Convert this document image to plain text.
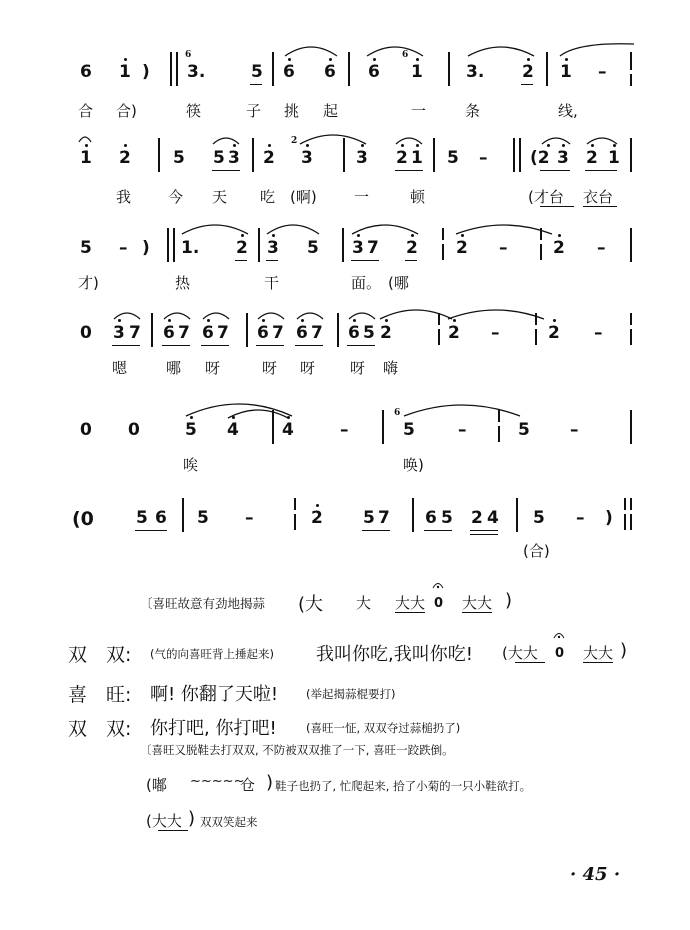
6 1 )
6
3.	5 6 6 6
6
1	3. 2 1 –
合 合)	筷	子 挑 起	一	条	线,
1 2 5 5 3 2
2
3	3 2 1 5 –	(2 3 2 1
我 今 天 吃 (啊) 一	顿	(才台 衣台
5 – ) 1. 2 3 5 3 7 2 2 –	2 –
才)	热	干	面。 (哪
0 3 7 6 7 6 7 6 7 6 7 6 5 2	2 –	2 –
嗯	哪 呀	呀 呀 呀 嗨
0 0	5 4	4	–
6
5	–	5 –
唉	唤)
(0 5 6 5 –	2 5 7 6 5 2 4 5 – )
(合)
〔喜旺故意有劲地揭蒜 (大 大 大大 0 大大 )
双　双: (气的向喜旺背上捶起来) 我叫你吃,我叫你吃! (大大 0 大大 )
喜　旺: 啊! 你翻了天啦! (举起揭蒜棍要打)
双　双: 你打吧, 你打吧!	(喜旺一怔, 双双夺过蒜槌扔了)
〔喜旺又脱鞋去打双双, 不防被双双推了一下, 喜旺一跤跌倒。
(嘟 ~~~~~
仓 ) 鞋子也扔了, 忙爬起来, 拾了小菊的一只小鞋欲打。
(大大 ) 双双笑起来
· 45 ·
